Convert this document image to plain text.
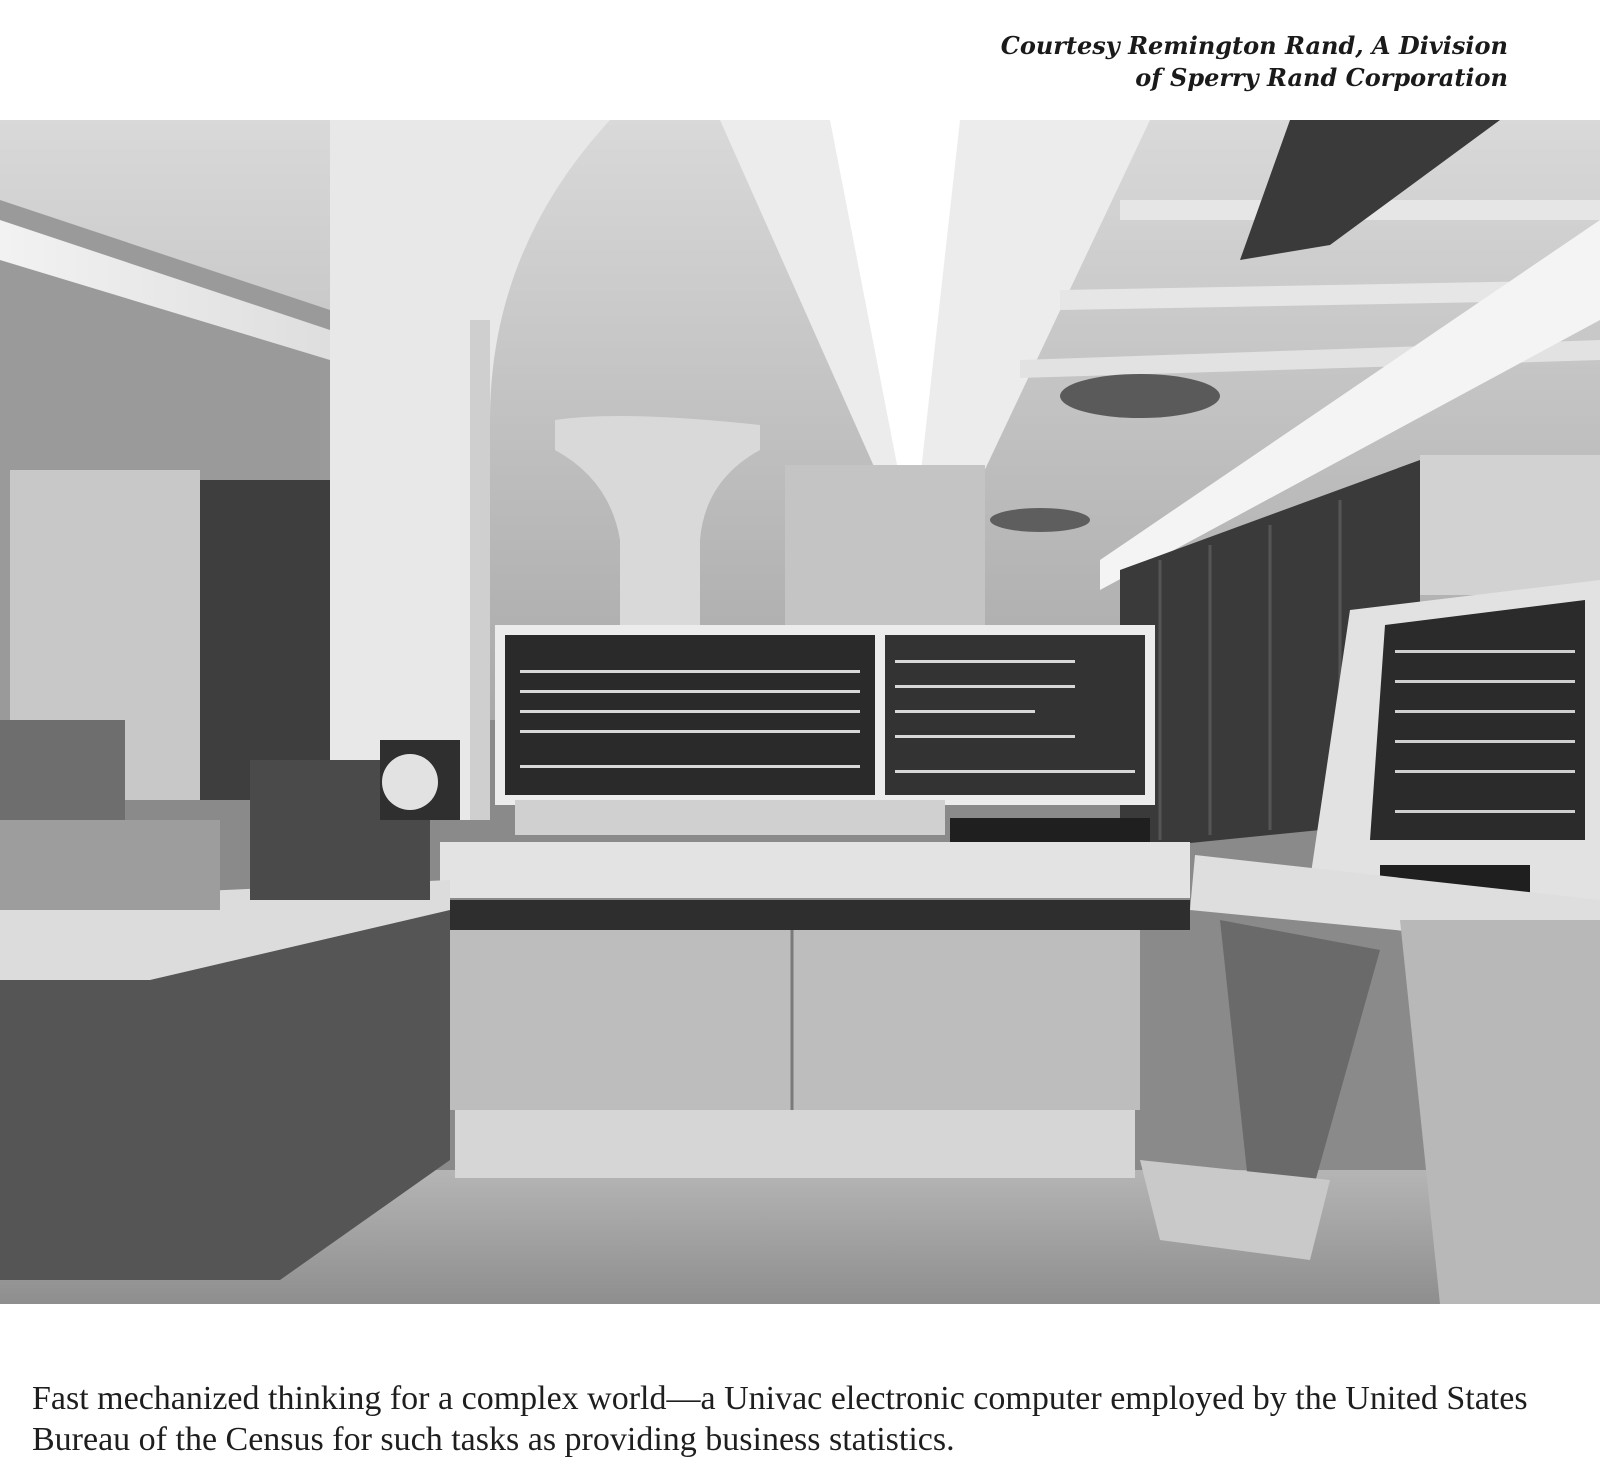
Courtesy Remington Rand, A Division
of Sperry Rand Corporation

Fast mechanized thinking for a complex world—a Univac electronic computer employed by the United States Bureau of the Census for such tasks as providing business statistics.
